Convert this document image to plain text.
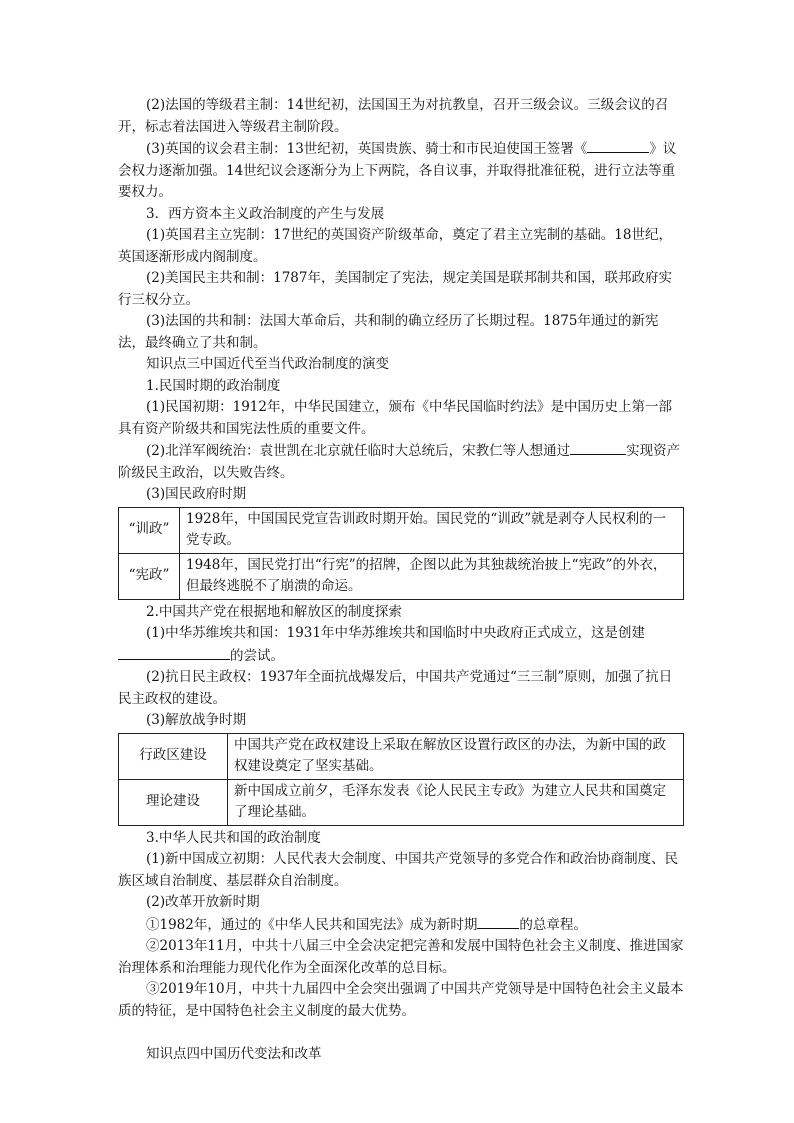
(2)法国的等级君主制：14世纪初，法国国王为对抗教皇，召开三级会议。三级会议的召开，标志着法国进入等级君主制阶段。

(3)英国的议会君主制：13世纪初，英国贵族、骑士和市民迫使国王签署《	》议会权力逐渐加强。14世纪议会逐渐分为上下两院，各自议事，并取得批准征税，进行立法等重要权力。

3．西方资本主义政治制度的产生与发展

(1)英国君主立宪制：17世纪的英国资产阶级革命，奠定了君主立宪制的基础。18世纪，英国逐渐形成内阁制度。

(2)美国民主共和制：1787年，美国制定了宪法，规定美国是联邦制共和国，联邦政府实行三权分立。

(3)法国的共和制：法国大革命后，共和制的确立经历了长期过程。1875年通过的新宪法，最终确立了共和制。

知识点三中国近代至当代政治制度的演变

1.民国时期的政治制度

(1)民国初期：1912年，中华民国建立，颁布《中华民国临时约法》是中国历史上第一部具有资产阶级共和国宪法性质的重要文件。

(2)北洋军阀统治：袁世凯在北京就任临时大总统后，宋教仁等人想通过	实现资产阶级民主政治，以失败告终。

(3)国民政府时期

“训政”	1928年，中国国民党宣告训政时期开始。国民党的“训政”就是剥夺人民权利的一党专政。
“宪政”	1948年，国民党打出“行宪”的招牌，企图以此为其独裁统治披上“宪政”的外衣，但最终逃脱不了崩溃的命运。

2.中国共产党在根据地和解放区的制度探索

(1)中华苏维埃共和国：1931年中华苏维埃共和国临时中央政府正式成立，这是创建的尝试。

(2)抗日民主政权：1937年全面抗战爆发后，中国共产党通过“三三制”原则，加强了抗日民主政权的建设。

(3)解放战争时期

行政区建设	中国共产党在政权建设上采取在解放区设置行政区的办法，为新中国的政权建设奠定了坚实基础。
理论建设	新中国成立前夕，毛泽东发表《论人民民主专政》为建立人民共和国奠定了理论基础。

3.中华人民共和国的政治制度

(1)新中国成立初期：人民代表大会制度、中国共产党领导的多党合作和政治协商制度、民族区域自治制度、基层群众自治制度。

(2)改革开放新时期

①1982年，通过的《中华人民共和国宪法》成为新时期	的总章程。

②2013年11月，中共十八届三中全会决定把完善和发展中国特色社会主义制度、推进国家治理体系和治理能力现代化作为全面深化改革的总目标。

③2019年10月，中共十九届四中全会突出强调了中国共产党领导是中国特色社会主义最本质的特征，是中国特色社会主义制度的最大优势。

知识点四中国历代变法和改革
